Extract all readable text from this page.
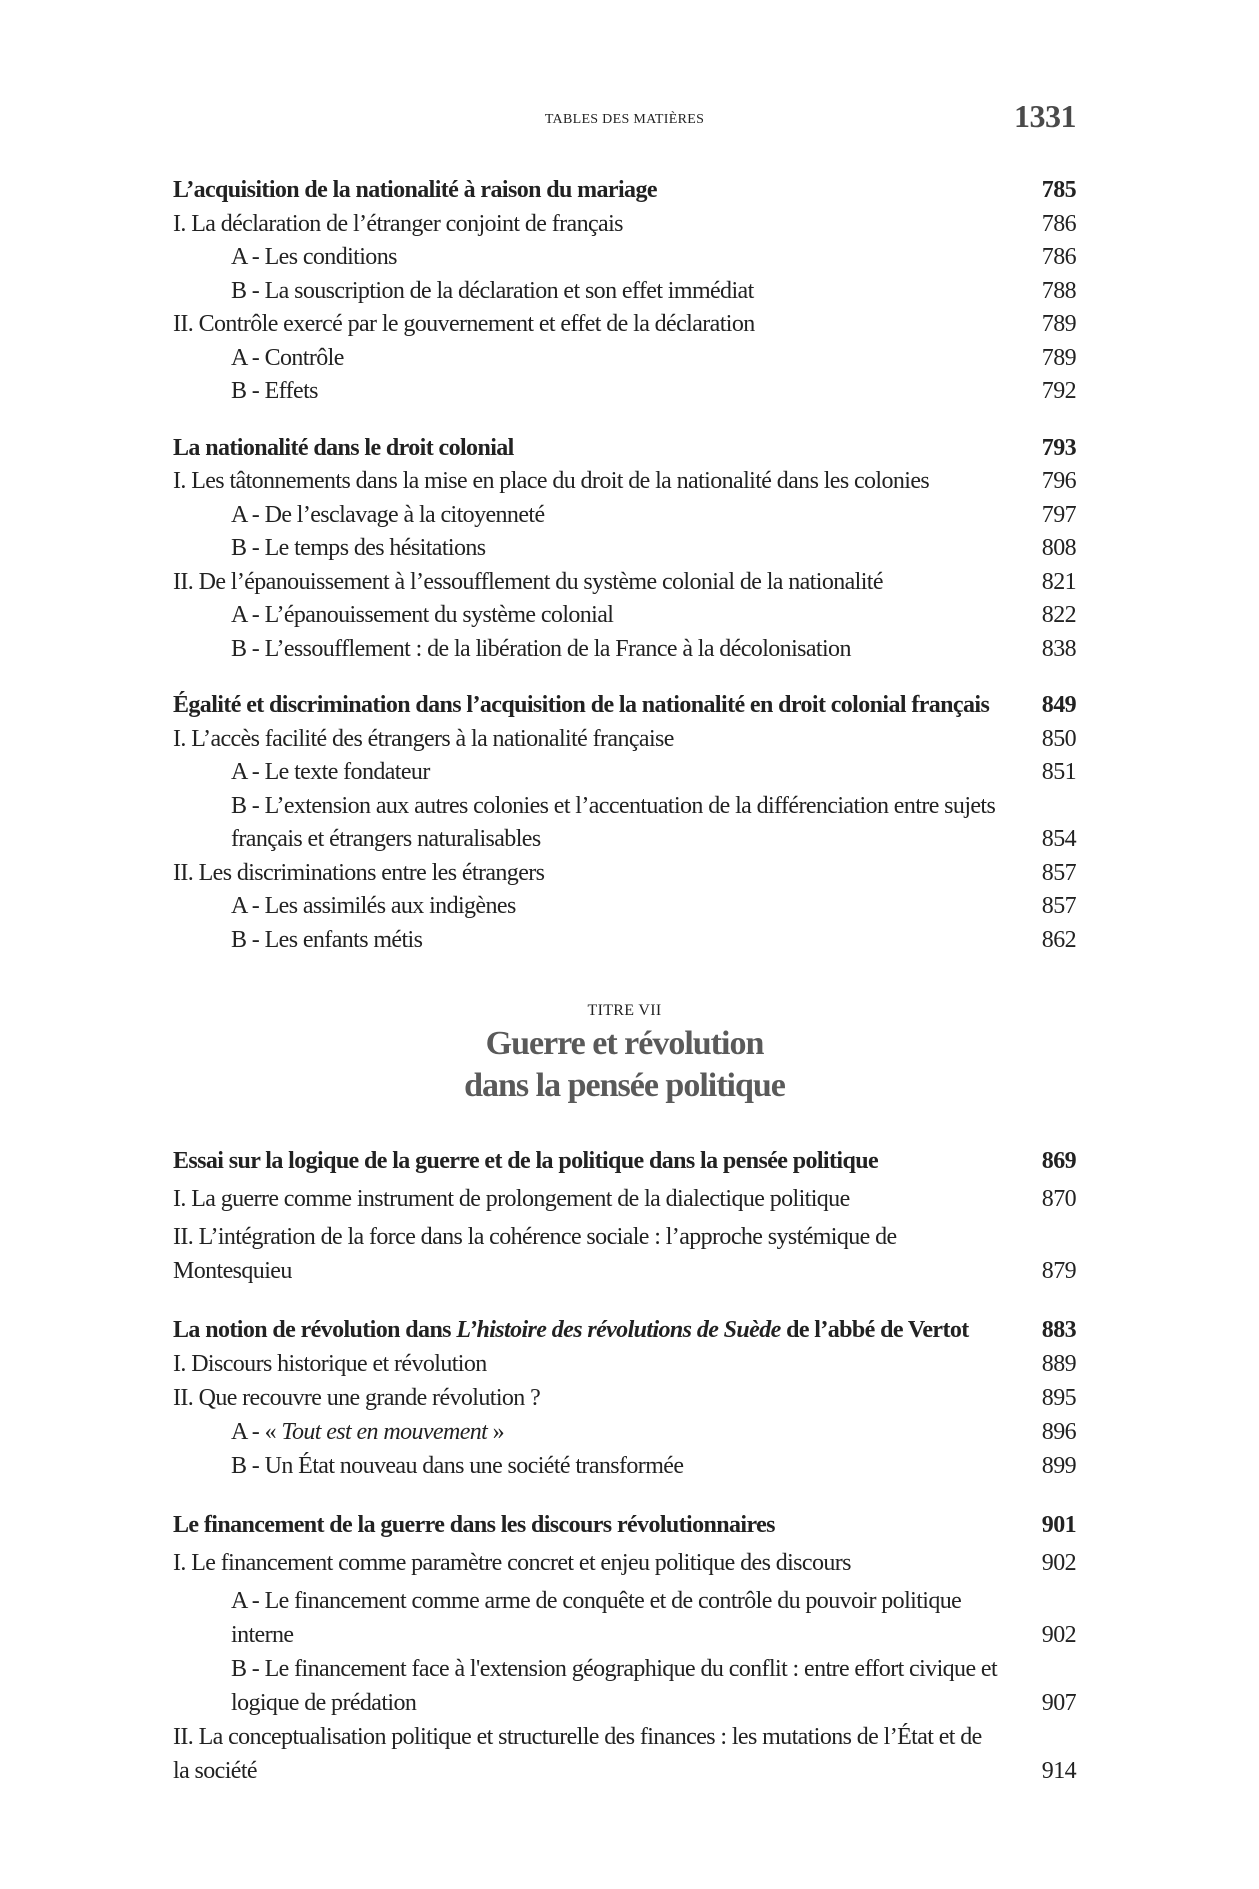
TABLES DES MATIÈRES	1331
L’acquisition de la nationalité à raison du mariage	785
I. La déclaration de l’étranger conjoint de français	786
A - Les conditions	786
B - La souscription de la déclaration et son effet immédiat	788
II. Contrôle exercé par le gouvernement et effet de la déclaration	789
A - Contrôle	789
B - Effets	792
La nationalité dans le droit colonial	793
I. Les tâtonnements dans la mise en place du droit de la nationalité dans les colonies	796
A - De l’esclavage à la citoyenneté	797
B - Le temps des hésitations	808
II. De l’épanouissement à l’essoufflement du système colonial de la nationalité	821
A - L’épanouissement du système colonial	822
B - L’essoufflement : de la libération de la France à la décolonisation	838
Égalité et discrimination dans l’acquisition de la nationalité en droit colonial français	849
I. L’accès facilité des étrangers à la nationalité française	850
A - Le texte fondateur	851
B - L’extension aux autres colonies et l’accentuation de la différenciation entre sujets
français et étrangers naturalisables	854
II. Les discriminations entre les étrangers	857
A - Les assimilés aux indigènes	857
B - Les enfants métis	862
TITRE VII
Guerre et révolution
dans la pensée politique
Essai sur la logique de la guerre et de la politique dans la pensée politique	869
I. La guerre comme instrument de prolongement de la dialectique politique	870
II. L’intégration de la force dans la cohérence sociale : l’approche systémique de Montesquieu	879
La notion de révolution dans L’histoire des révolutions de Suède de l’abbé de Vertot	883
I. Discours historique et révolution	889
II. Que recouvre une grande révolution ?	895
A - « Tout est en mouvement »	896
B - Un État nouveau dans une société transformée	899
Le financement de la guerre dans les discours révolutionnaires	901
I. Le financement comme paramètre concret et enjeu politique des discours	902
A - Le financement comme arme de conquête et de contrôle du pouvoir politique interne	902
B - Le financement face à l'extension géographique du conflit : entre effort civique et
logique de prédation	907
II. La conceptualisation politique et structurelle des finances : les mutations de l’État et de
la société	914
